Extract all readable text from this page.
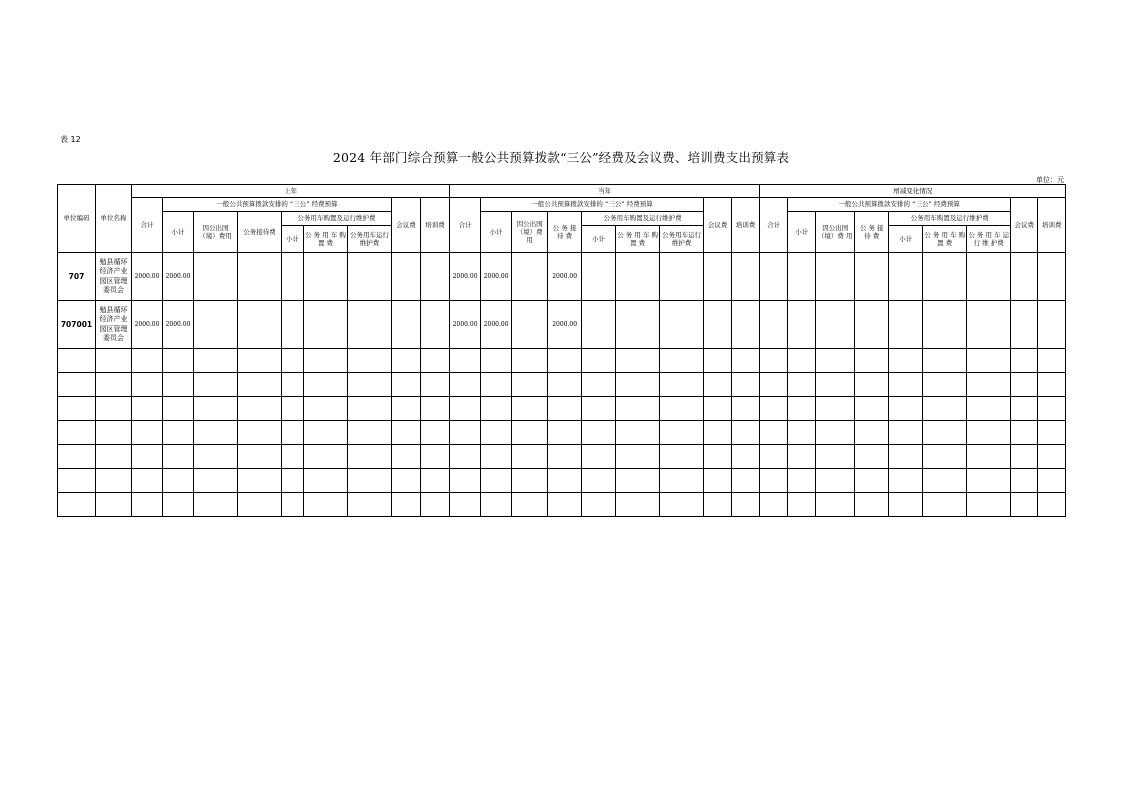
表 12
2024 年部门综合预算一般公共预算拨款“三公”经费及会议费、培训费支出预算表
单位：元
单位编码	单位名称	上年									当年									增减变化情况								
		合计	一般公共预算拨款安排的 “三公” 经费预算						会议费	培训费	合计	一般公共预算拨款安排的 “三公” 经费预算						会议费	培训费	合计	一般公共预算拨款安排的 “三公” 经费预算						会议费	培训费
			小计	因公出国（境）费用	公务接待费	公务用车购置及运行维护费						小计	因公出国（境）费 用	公 务 接 待 费	公务用车购置及运行维护费						小计	因公出国（境）费 用	公 务 接 待 费	公务用车购置及运行维护费				
						小计	公 务 用 车 购 置 费	公务用车运行维护费							小计	公 务 用 车 购 置 费	公务用车运行维护费							小计	公 务 用 车 购 置 费	公 务 用 车 运 行 维 护费		
707	勉县循环经济产业园区管理委员会	2000.00	2000.00								2000.00	2000.00		2000.00														
707001	勉县循环经济产业园区管理委员会	2000.00	2000.00								2000.00	2000.00		2000.00														
